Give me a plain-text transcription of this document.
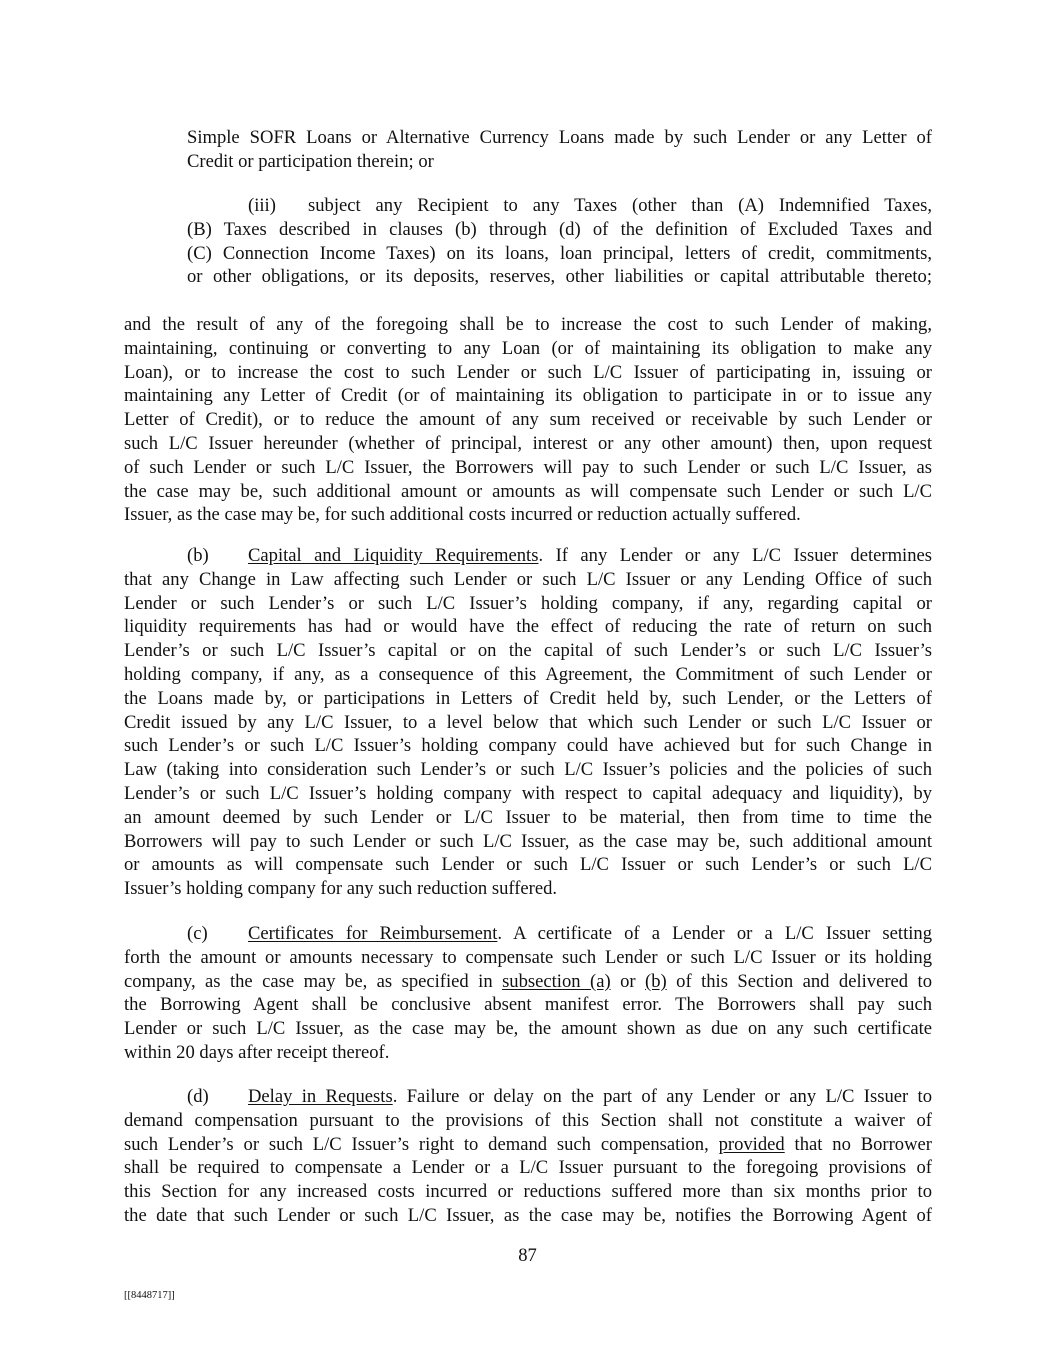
Simple SOFR Loans or Alternative Currency Loans made by such Lender or any Letter of
Credit or participation therein; or
(iii)	subject any Recipient to any Taxes (other than (A) Indemnified Taxes,
(B) Taxes described in clauses (b) through (d) of the definition of Excluded Taxes and
(C) Connection Income Taxes) on its loans, loan principal, letters of credit, commitments,
or other obligations, or its deposits, reserves, other liabilities or capital attributable thereto;
and the result of any of the foregoing shall be to increase the cost to such Lender of making,
maintaining, continuing or converting to any Loan (or of maintaining its obligation to make any
Loan), or to increase the cost to such Lender or such L/C Issuer of participating in, issuing or
maintaining any Letter of Credit (or of maintaining its obligation to participate in or to issue any
Letter of Credit), or to reduce the amount of any sum received or receivable by such Lender or
such L/C Issuer hereunder (whether of principal, interest or any other amount) then, upon request
of such Lender or such L/C Issuer, the Borrowers will pay to such Lender or such L/C Issuer, as
the case may be, such additional amount or amounts as will compensate such Lender or such L/C
Issuer, as the case may be, for such additional costs incurred or reduction actually suffered.
(b) Capital and Liquidity Requirements. If any Lender or any L/C Issuer determines
that any Change in Law affecting such Lender or such L/C Issuer or any Lending Office of such
Lender or such Lender’s or such L/C Issuer’s holding company, if any, regarding capital or
liquidity requirements has had or would have the effect of reducing the rate of return on such
Lender’s or such L/C Issuer’s capital or on the capital of such Lender’s or such L/C Issuer’s
holding company, if any, as a consequence of this Agreement, the Commitment of such Lender or
the Loans made by, or participations in Letters of Credit held by, such Lender, or the Letters of
Credit issued by any L/C Issuer, to a level below that which such Lender or such L/C Issuer or
such Lender’s or such L/C Issuer’s holding company could have achieved but for such Change in
Law (taking into consideration such Lender’s or such L/C Issuer’s policies and the policies of such
Lender’s or such L/C Issuer’s holding company with respect to capital adequacy and liquidity), by
an amount deemed by such Lender or L/C Issuer to be material, then from time to time the
Borrowers will pay to such Lender or such L/C Issuer, as the case may be, such additional amount
or amounts as will compensate such Lender or such L/C Issuer or such Lender’s or such L/C
Issuer’s holding company for any such reduction suffered.
(c) Certificates for Reimbursement. A certificate of a Lender or a L/C Issuer setting
forth the amount or amounts necessary to compensate such Lender or such L/C Issuer or its holding
company, as the case may be, as specified in subsection (a) or (b) of this Section and delivered to
the Borrowing Agent shall be conclusive absent manifest error. The Borrowers shall pay such
Lender or such L/C Issuer, as the case may be, the amount shown as due on any such certificate
within 20 days after receipt thereof.
(d) Delay in Requests. Failure or delay on the part of any Lender or any L/C Issuer to
demand compensation pursuant to the provisions of this Section shall not constitute a waiver of
such Lender’s or such L/C Issuer’s right to demand such compensation, provided that no Borrower
shall be required to compensate a Lender or a L/C Issuer pursuant to the foregoing provisions of
this Section for any increased costs incurred or reductions suffered more than six months prior to
the date that such Lender or such L/C Issuer, as the case may be, notifies the Borrowing Agent of
87
[[8448717]]
